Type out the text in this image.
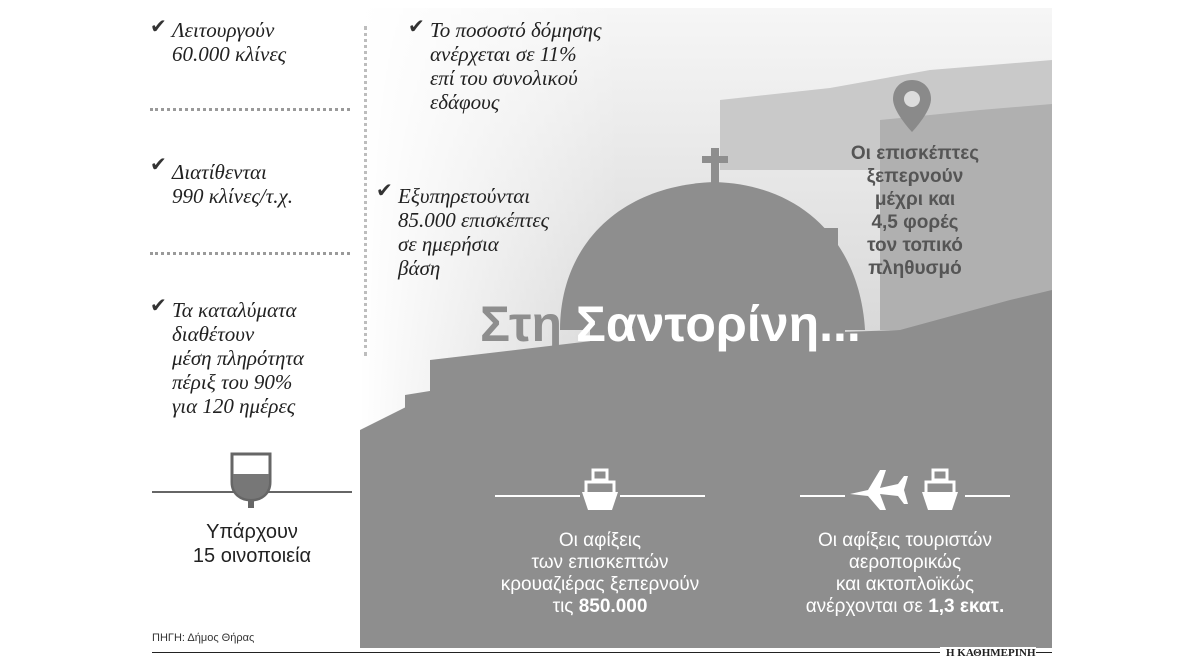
✔ Λειτουργούν
60.000 κλίνες
✔ Διατίθενται
990 κλίνες/τ.χ.
✔ Τα καταλύματα
διαθέτουν
μέση πληρότητα
πέριξ του 90%
για 120 ημέρες
✔ Το ποσοστό δόμησης
ανέρχεται σε 11%
επί του συνολικού
εδάφους
✔ Εξυπηρετούνται
85.000 επισκέπτες
σε ημερήσια
βάση
Υπάρχουν
15 οινοποιεία
Στη Σαντορίνη...
Οι επισκέπτες
ξεπερνούν
μέχρι και
4,5 φορές
τον τοπικό
πληθυσμό
Οι αφίξεις
των επισκεπτών
κρουαζιέρας ξεπερνούν
τις 850.000
Οι αφίξεις τουριστών
αεροπορικώς
και ακτοπλοϊκώς
ανέρχονται σε 1,3 εκατ.
ΠΗΓΗ: Δήμος Θήρας
Η ΚΑΘΗΜΕΡΙΝΗ
